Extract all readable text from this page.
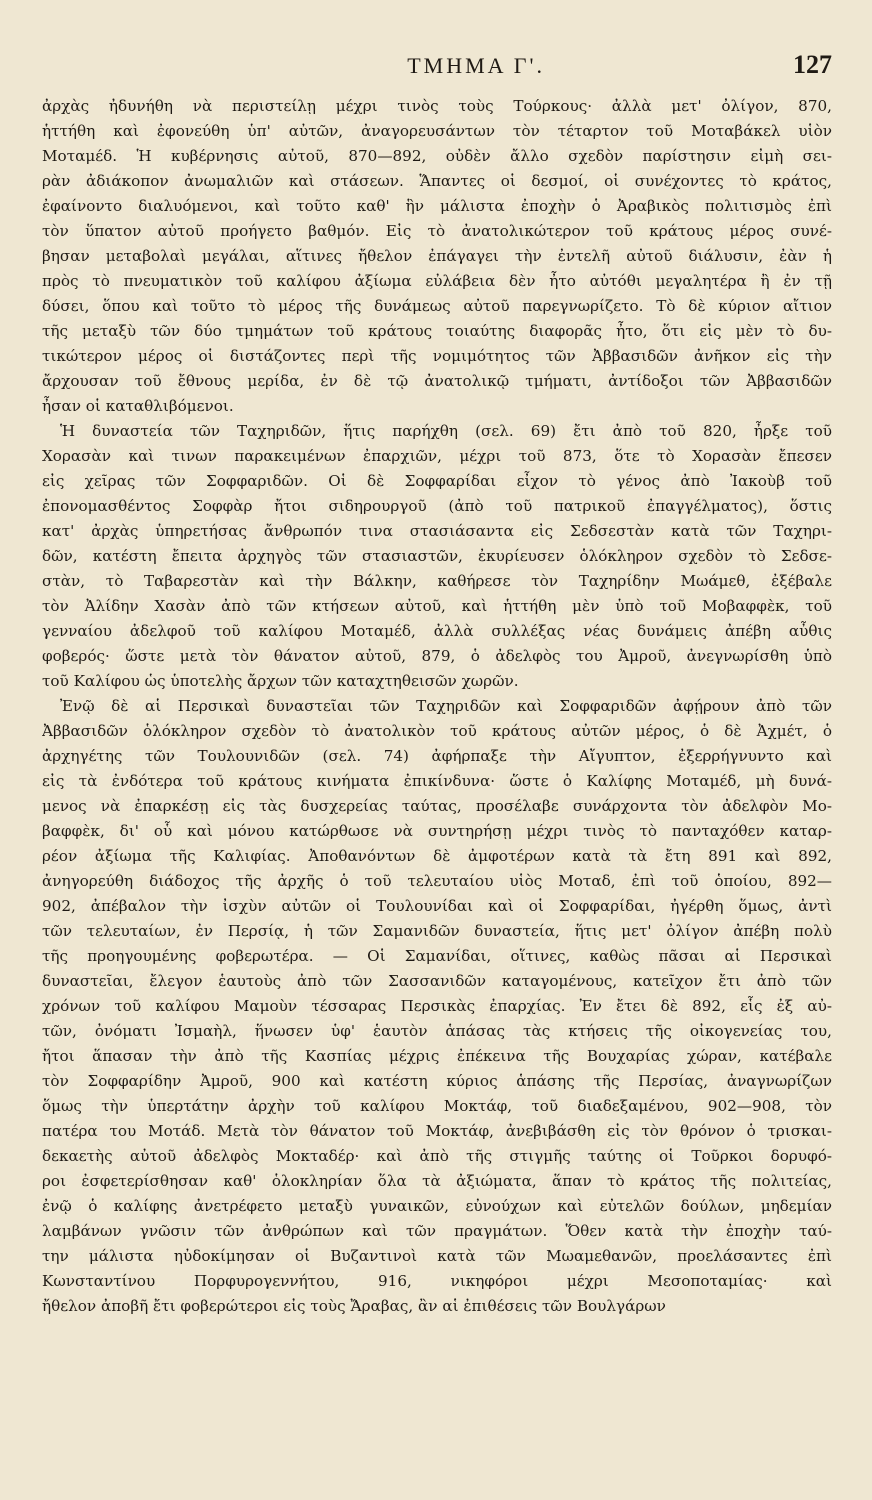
ΤΜΗΜΑ Γ'.	127

ἀρχὰς ἠδυνήθη νὰ περιστείλῃ μέχρι τινὸς τοὺς Τούρκους· ἀλλὰ μετ' ὀλίγον, 870,
ἡττήθη καὶ ἐφονεύθη ὑπ' αὐτῶν, ἀναγορευσάντων τὸν τέταρτον τοῦ Μοταβάκελ υἱὸν
Μοταμέδ. Ἡ κυβέρνησις αὐτοῦ, 870—892, οὐδὲν ἄλλο σχεδὸν παρίστησιν εἰμὴ σει-
ρὰν ἀδιάκοπον ἀνωμαλιῶν καὶ στάσεων. Ἅπαντες οἱ δεσμοί, οἱ συνέχοντες τὸ κράτος,
ἐφαίνοντο διαλυόμενοι, καὶ τοῦτο καθ' ἣν μάλιστα ἐποχὴν ὁ Ἀραβικὸς πολιτισμὸς ἐπὶ
τὸν ὕπατον αὐτοῦ προήγετο βαθμόν. Εἰς τὸ ἀνατολικώτερον τοῦ κράτους μέρος συνέ-
βησαν μεταβολαὶ μεγάλαι, αἵτινες ἤθελον ἐπάγαγει τὴν ἐντελῆ αὐτοῦ διάλυσιν, ἐὰν ἡ
πρὸς τὸ πνευματικὸν τοῦ καλίφου ἀξίωμα εὐλάβεια δὲν ἦτο αὐτόθι μεγαλητέρα ἢ ἐν τῇ
δύσει, ὅπου καὶ τοῦτο τὸ μέρος τῆς δυνάμεως αὐτοῦ παρεγνωρίζετο. Τὸ δὲ κύριον αἴτιον
τῆς μεταξὺ τῶν δύο τμημάτων τοῦ κράτους τοιαύτης διαφορᾶς ἦτο, ὅτι εἰς μὲν τὸ δυ-
τικώτερον μέρος οἱ διστάζοντες περὶ τῆς νομιμότητος τῶν Ἀββασιδῶν ἀνῆκον εἰς τὴν
ἄρχουσαν τοῦ ἔθνους μερίδα, ἐν δὲ τῷ ἀνατολικῷ τμήματι, ἀντίδοξοι τῶν Ἀββασιδῶν
ἦσαν οἱ καταθλιβόμενοι.

Ἡ δυναστεία τῶν Ταχηριδῶν, ἥτις παρήχθη (σελ. 69) ἔτι ἀπὸ τοῦ 820, ἦρξε τοῦ
Χορασὰν καὶ τινων παρακειμένων ἐπαρχιῶν, μέχρι τοῦ 873, ὅτε τὸ Χορασὰν ἔπεσεν
εἰς χεῖρας τῶν Σοφφαριδῶν. Οἱ δὲ Σοφφαρίδαι εἶχον τὸ γένος ἀπὸ Ἰακοὺβ τοῦ
ἐπονομασθέντος Σοφφὰρ ἤτοι σιδηρουργοῦ (ἀπὸ τοῦ πατρικοῦ ἐπαγγέλματος), ὅστις
κατ' ἀρχὰς ὑπηρετήσας ἄνθρωπόν τινα στασιάσαντα εἰς Σεδσεστὰν κατὰ τῶν Ταχηρι-
δῶν, κατέστη ἔπειτα ἀρχηγὸς τῶν στασιαστῶν, ἐκυρίευσεν ὁλόκληρον σχεδὸν τὸ Σεδσε-
στὰν, τὸ Ταβαρεστὰν καὶ τὴν Βάλκην, καθήρεσε τὸν Ταχηρίδην Μωάμεθ, ἐξέβαλε
τὸν Ἀλίδην Χασὰν ἀπὸ τῶν κτήσεων αὐτοῦ, καὶ ἡττήθη μὲν ὑπὸ τοῦ Μοβαφφὲκ, τοῦ
γενναίου ἀδελφοῦ τοῦ καλίφου Μοταμέδ, ἀλλὰ συλλέξας νέας δυνάμεις ἀπέβη αὖθις
φοβερός· ὥστε μετὰ τὸν θάνατον αὐτοῦ, 879, ὁ ἀδελφὸς του Ἀμροῦ, ἀνεγνωρίσθη ὑπὸ
τοῦ Καλίφου ὡς ὑποτελὴς ἄρχων τῶν καταχτηθεισῶν χωρῶν.

Ἐνῷ δὲ αἱ Περσικαὶ δυναστεῖαι τῶν Ταχηριδῶν καὶ Σοφφαριδῶν ἀφῄρουν ἀπὸ τῶν
Ἀββασιδῶν ὁλόκληρον σχεδὸν τὸ ἀνατολικὸν τοῦ κράτους αὐτῶν μέρος, ὁ δὲ Ἀχμέτ, ὁ
ἀρχηγέτης τῶν Τουλουνιδῶν (σελ. 74) ἀφήρπαξε τὴν Αἴγυπτον, ἐξερρήγνυντο καὶ
εἰς τὰ ἐνδότερα τοῦ κράτους κινήματα ἐπικίνδυνα· ὥστε ὁ Καλίφης Μοταμέδ, μὴ δυνά-
μενος νὰ ἐπαρκέσῃ εἰς τὰς δυσχερείας ταύτας, προσέλαβε συνάρχοντα τὸν ἀδελφὸν Μο-
βαφφὲκ, δι' οὗ καὶ μόνου κατώρθωσε νὰ συντηρήσῃ μέχρι τινὸς τὸ πανταχόθεν καταρ-
ρέον ἀξίωμα τῆς Καλιφίας. Ἀποθανόντων δὲ ἀμφοτέρων κατὰ τὰ ἔτη 891 καὶ 892,
ἀνηγορεύθη διάδοχος τῆς ἀρχῆς ὁ τοῦ τελευταίου υἱὸς Μοταδ, ἐπὶ τοῦ ὁποίου, 892—
902, ἀπέβαλον τὴν ἰσχὺν αὐτῶν οἱ Τουλουνίδαι καὶ οἱ Σοφφαρίδαι, ἠγέρθη ὅμως, ἀντὶ
τῶν τελευταίων, ἐν Περσίᾳ, ἡ τῶν Σαμανιδῶν δυναστεία, ἥτις μετ' ὀλίγον ἀπέβη πολὺ
τῆς προηγουμένης φοβερωτέρα. — Οἱ Σαμανίδαι, οἵτινες, καθὼς πᾶσαι αἱ Περσικαὶ
δυναστεῖαι, ἔλεγον ἑαυτοὺς ἀπὸ τῶν Σασσανιδῶν καταγομένους, κατεῖχον ἔτι ἀπὸ τῶν
χρόνων τοῦ καλίφου Μαμοὺν τέσσαρας Περσικὰς ἐπαρχίας. Ἐν ἔτει δὲ 892, εἷς ἐξ αὐ-
τῶν, ὀνόματι Ἰσμαὴλ, ἥνωσεν ὑφ' ἑαυτὸν ἁπάσας τὰς κτήσεις τῆς οἰκογενείας του,
ἤτοι ἅπασαν τὴν ἀπὸ τῆς Κασπίας μέχρις ἐπέκεινα τῆς Βουχαρίας χώραν, κατέβαλε
τὸν Σοφφαρίδην Ἀμροῦ, 900 καὶ κατέστη κύριος ἁπάσης τῆς Περσίας, ἀναγνωρίζων
ὅμως τὴν ὑπερτάτην ἀρχὴν τοῦ καλίφου Μοκτάφ, τοῦ διαδεξαμένου, 902—908, τὸν
πατέρα του Μοτάδ. Μετὰ τὸν θάνατον τοῦ Μοκτάφ, ἀνεβιβάσθη εἰς τὸν θρόνον ὁ τρισκαι-
δεκαετὴς αὐτοῦ ἀδελφὸς Μοκταδέρ· καὶ ἀπὸ τῆς στιγμῆς ταύτης οἱ Τοῦρκοι δορυφό-
ροι ἐσφετερίσθησαν καθ' ὁλοκληρίαν ὅλα τὰ ἀξιώματα, ἅπαν τὸ κράτος τῆς πολιτείας,
ἐνῷ ὁ καλίφης ἀνετρέφετο μεταξὺ γυναικῶν, εὐνούχων καὶ εὐτελῶν δούλων, μηδεμίαν
λαμβάνων γνῶσιν τῶν ἀνθρώπων καὶ τῶν πραγμάτων. Ὅθεν κατὰ τὴν ἐποχὴν ταύ-
την μάλιστα ηὐδοκίμησαν οἱ Βυζαντινοὶ κατὰ τῶν Μωαμεθανῶν, προελάσαντες ἐπὶ
Κωνσταντίνου Πορφυρογεννήτου, 916, νικηφόροι μέχρι Μεσοποταμίας· καὶ
ἤθελον ἀποβῆ ἔτι φοβερώτεροι εἰς τοὺς Ἄραβας, ἂν αἱ ἐπιθέσεις τῶν Βουλγάρων
